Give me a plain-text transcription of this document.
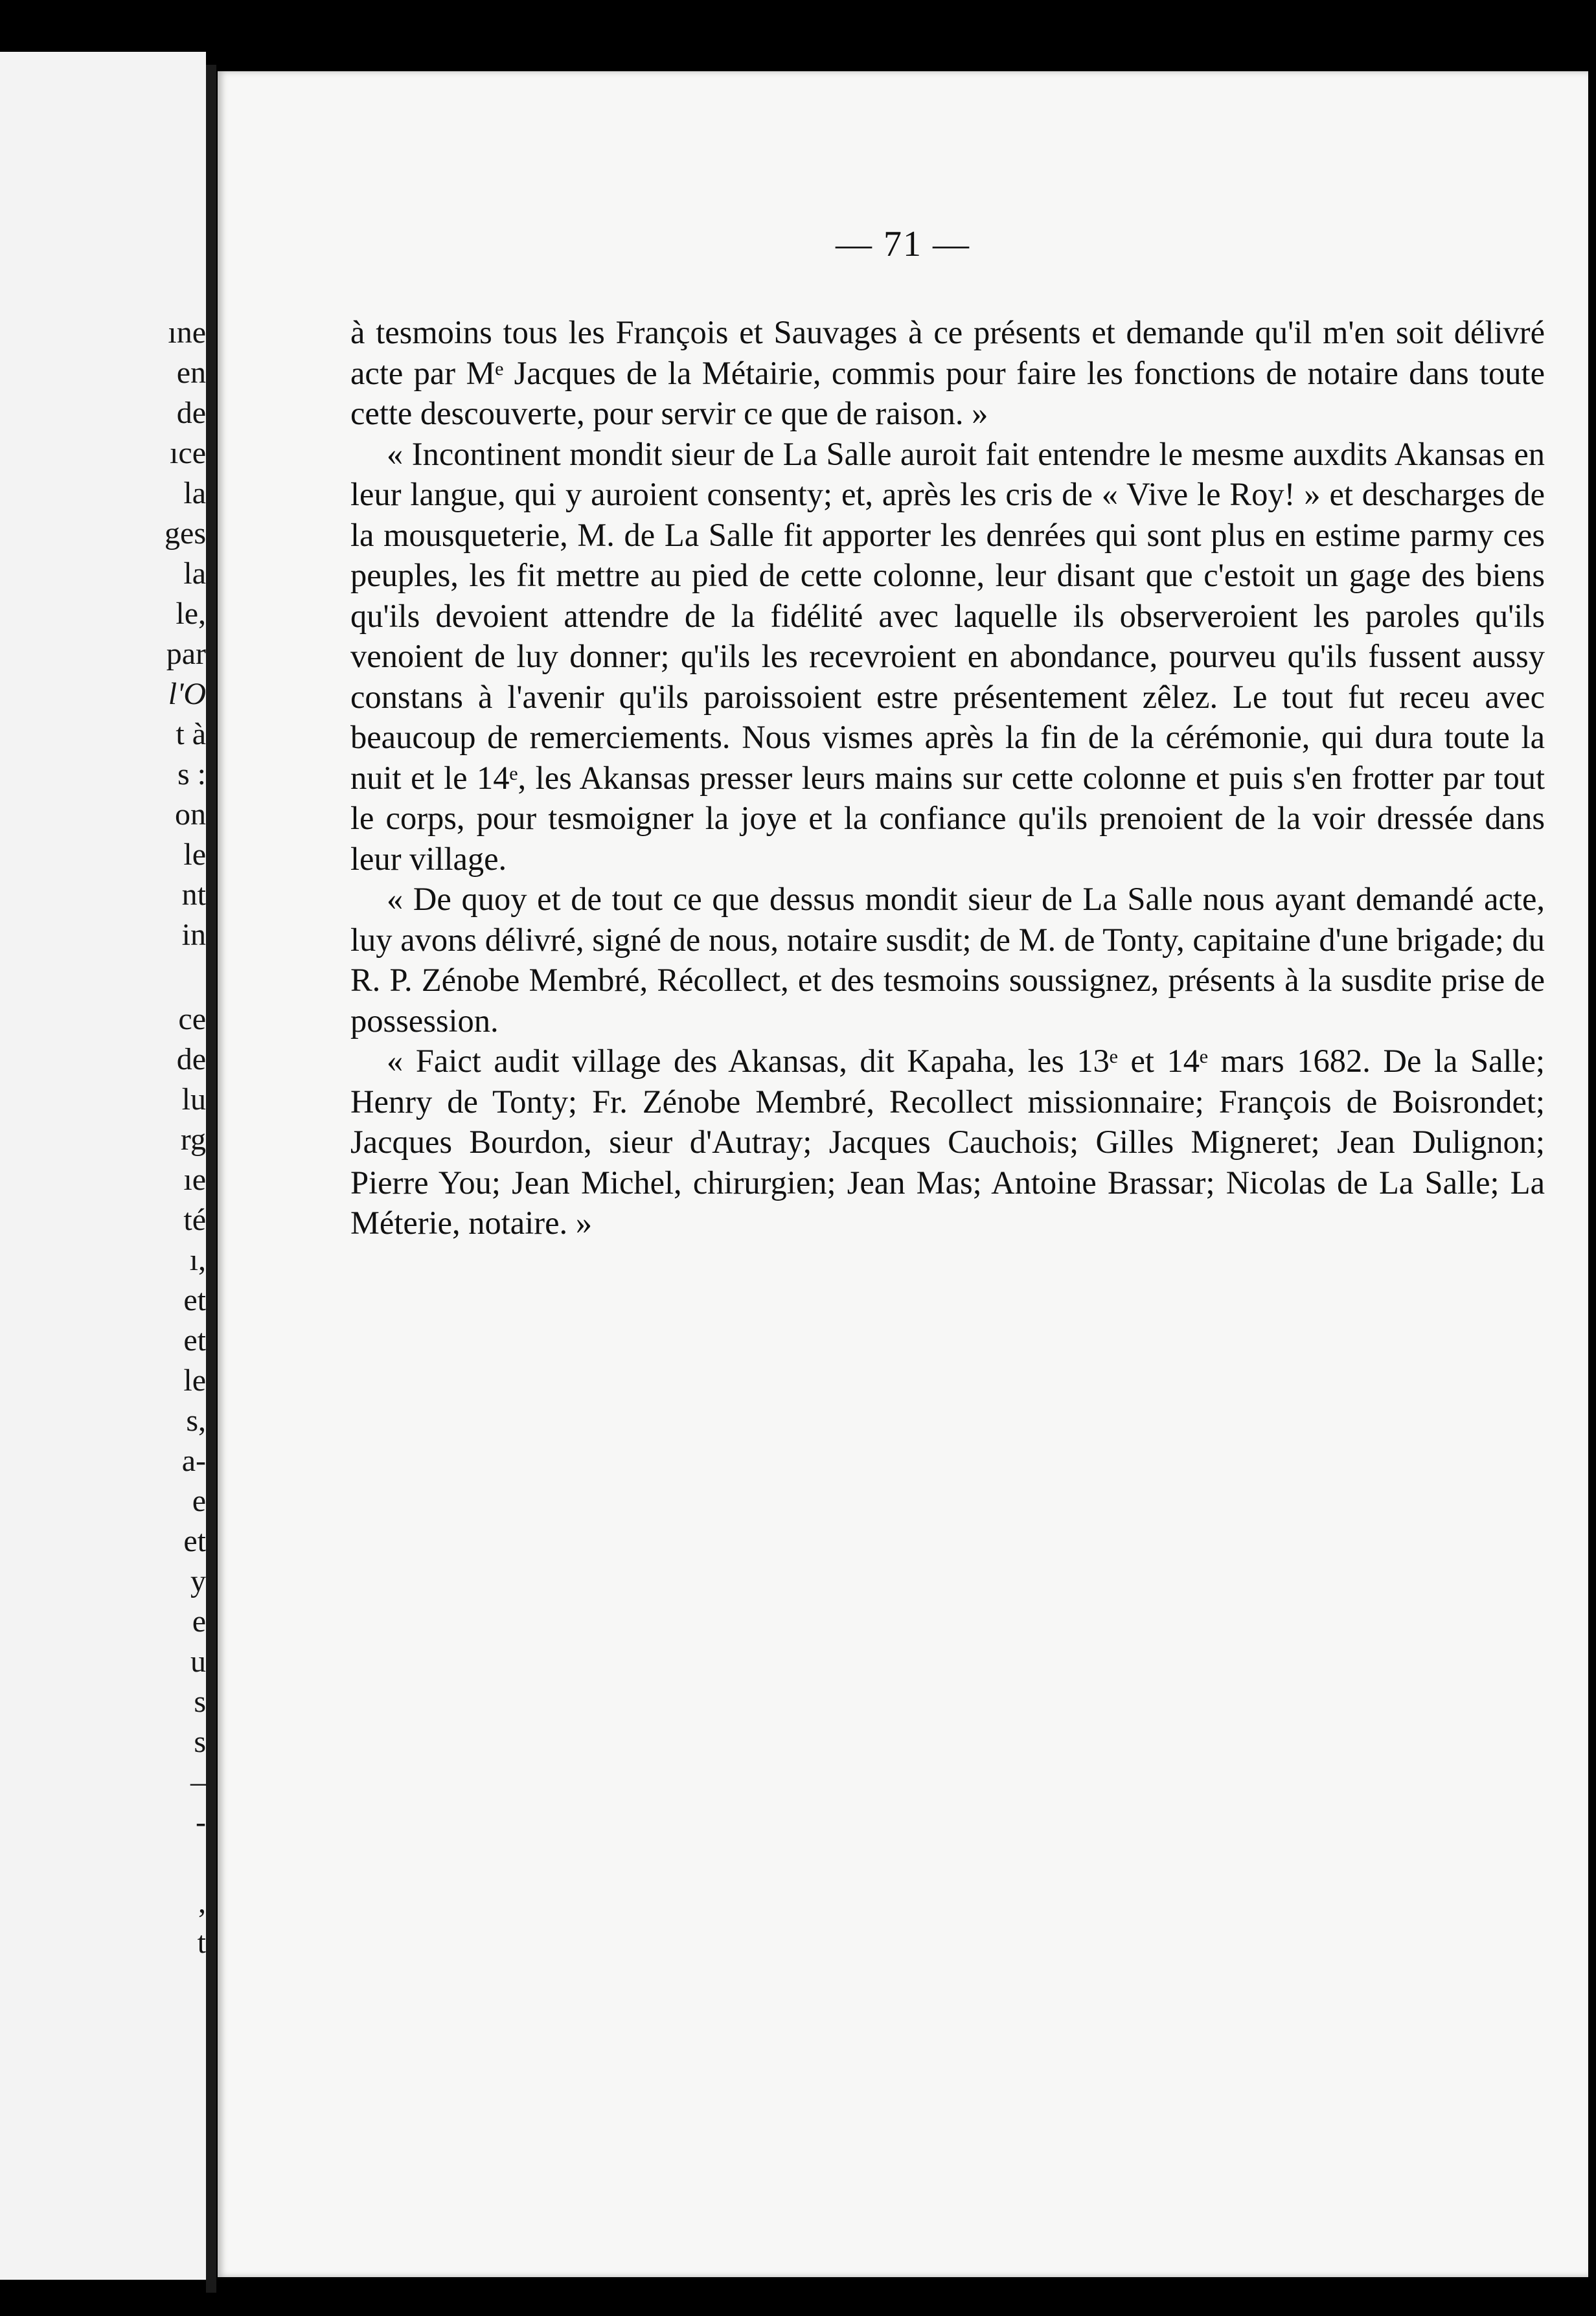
ıne
en
de
ıce
la
ges
la
le,
par
l'O
t à
s :
on
le
nt
in
ce
de
lu
rg
ıe
té
ı,
et
et
le
s,
a-
e
et
y
e
u
s
s
–
-
,
t
— 71 —

à tesmoins tous les François et Sauvages à ce présents et demande qu'il m'en soit délivré acte par Mᵉ Jacques de la Métairie, commis pour faire les fonctions de notaire dans toute cette descouverte, pour servir ce que de raison. »

« Incontinent mondit sieur de La Salle auroit fait entendre le mesme auxdits Akansas en leur langue, qui y auroient consenty; et, après les cris de « Vive le Roy! » et descharges de la mousqueterie, M. de La Salle fit apporter les denrées qui sont plus en estime parmy ces peuples, les fit mettre au pied de cette colonne, leur disant que c'estoit un gage des biens qu'ils devoient attendre de la fidélité avec laquelle ils observeroient les paroles qu'ils venoient de luy donner; qu'ils les recevroient en abondance, pourveu qu'ils fussent aussy constans à l'avenir qu'ils paroissoient estre présentement zêlez. Le tout fut receu avec beaucoup de remerciements. Nous vismes après la fin de la cérémonie, qui dura toute la nuit et le 14ᵉ, les Akansas presser leurs mains sur cette colonne et puis s'en frotter par tout le corps, pour tesmoigner la joye et la confiance qu'ils prenoient de la voir dressée dans leur village.

« De quoy et de tout ce que dessus mondit sieur de La Salle nous ayant demandé acte, luy avons délivré, signé de nous, notaire susdit; de M. de Tonty, capitaine d'une brigade; du R. P. Zénobe Membré, Récollect, et des tesmoins soussignez, présents à la susdite prise de possession.

« Faict audit village des Akansas, dit Kapaha, les 13ᵉ et 14ᵉ mars 1682. De la Salle; Henry de Tonty; Fr. Zénobe Membré, Recollect missionnaire; François de Boisrondet; Jacques Bourdon, sieur d'Autray; Jacques Cauchois; Gilles Migneret; Jean Dulignon; Pierre You; Jean Michel, chirurgien; Jean Mas; Antoine Brassar; Nicolas de La Salle; La Méterie, notaire. »
